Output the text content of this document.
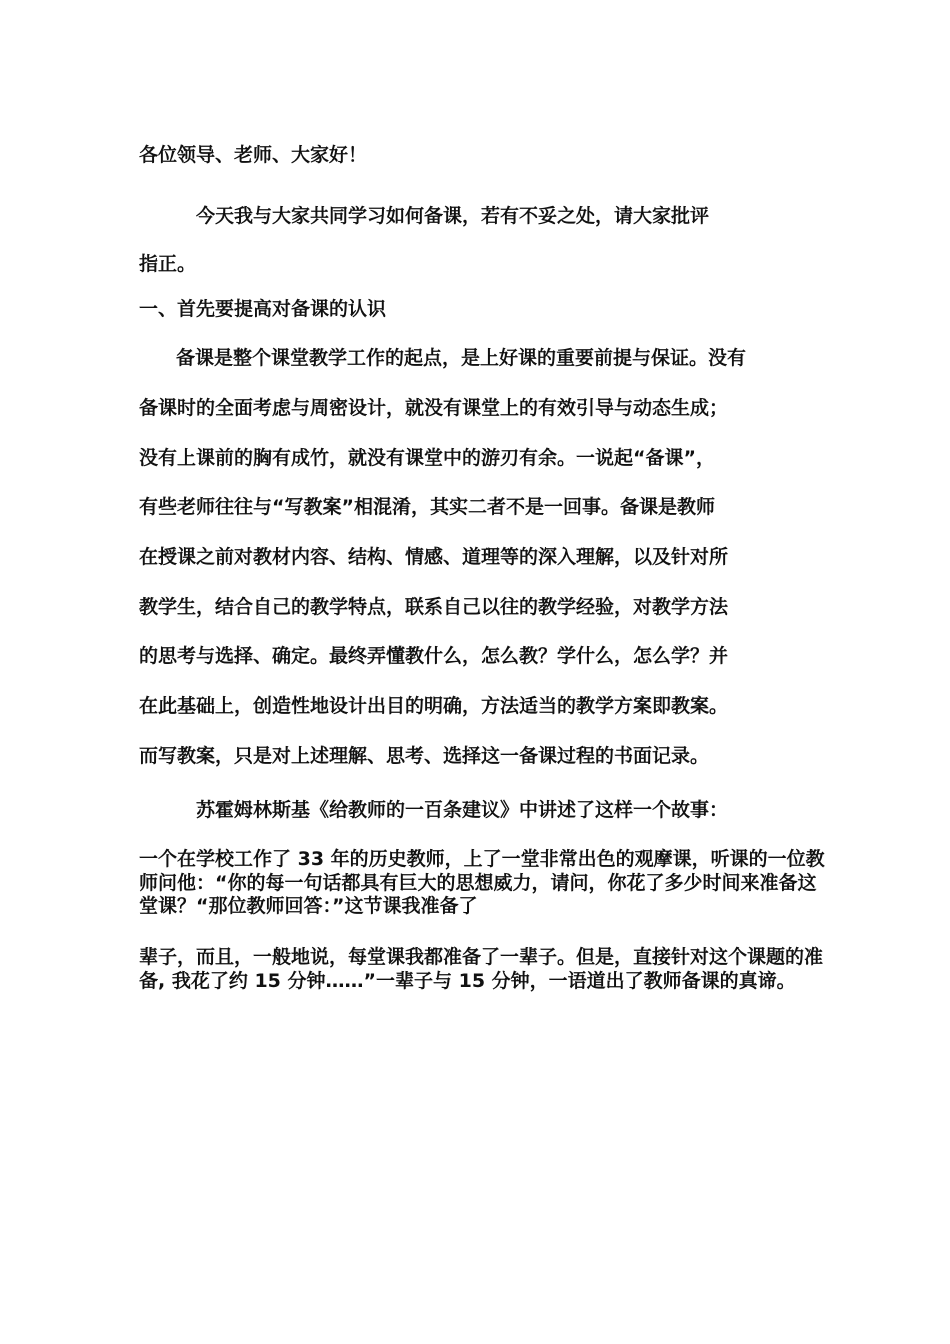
各位领导、老师、大家好！
今天我与大家共同学习如何备课，若有不妥之处，请大家批评
指正。
一、首先要提高对备课的认识
备课是整个课堂教学工作的起点，是上好课的重要前提与保证。没有
备课时的全面考虑与周密设计，就没有课堂上的有效引导与动态生成；
没有上课前的胸有成竹，就没有课堂中的游刃有余。一说起“备课”，
有些老师往往与“写教案”相混淆，其实二者不是一回事。备课是教师
在授课之前对教材内容、结构、情感、道理等的深入理解，以及针对所
教学生，结合自己的教学特点，联系自己以往的教学经验，对教学方法
的思考与选择、确定。最终弄懂教什么，怎么教？学什么，怎么学？并
在此基础上，创造性地设计出目的明确，方法适当的教学方案即教案。
而写教案，只是对上述理解、思考、选择这一备课过程的书面记录。
苏霍姆林斯基《给教师的一百条建议》中讲述了这样一个故事：
一个在学校工作了 33 年的历史教师，上了一堂非常出色的观摩课，听课的一位教师问他：“你的每一句话都具有巨大的思想威力，请问，你花了多少时间来准备这堂课？“那位教师回答：”这节课我准备了
辈子，而且，一般地说，每堂课我都准备了一辈子。但是，直接针对这个课题的准备, 我花了约 15 分钟……”一辈子与 15 分钟，一语道出了教师备课的真谛。
